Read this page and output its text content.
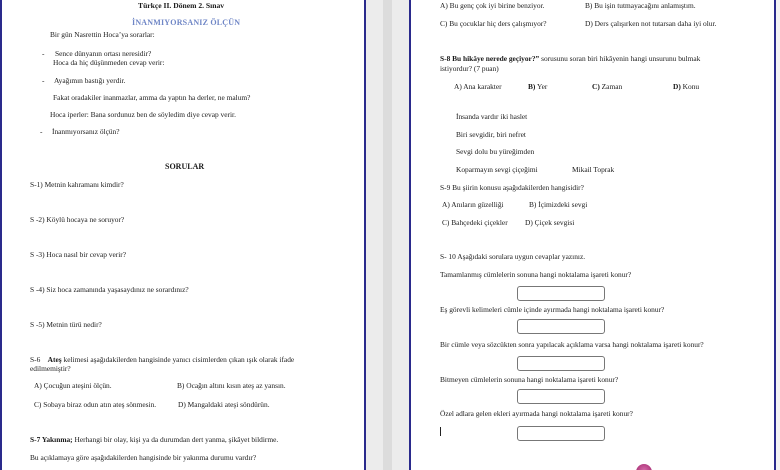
Türkçe II. Dönem 2. Sınav
İNANMIYORSANIZ ÖLÇÜN
Bir gün Nasrettin Hoca’ya sorarlar:
- Sence dünyanın ortası neresidir?
Hoca da hiç düşünmeden cevap verir:
- Ayağımın bastığı yerdir.
Fakat oradakiler inanmazlar, amma da yaptın ha derler, ne malum?
Hoca iperler: Bana sordunuz ben de söyledim diye cevap verir.
- İnanmıyorsanız ölçün?
SORULAR
S-1) Metnin kahramanı kimdir?
S -2) Köylü hocaya ne soruyor?
S -3) Hoca nasıl bir cevap verir?
S -4) Siz hoca zamanında yaşasaydınız ne sorardınız?
S -5) Metnin türü nedir?
S-6 Ateş kelimesi aşağıdakilerden hangisinde yanıcı cisimlerden çıkan ışık olarak ifade
edilmemiştir?
A) Çocuğun ateşini ölçün.	B) Ocağın altını kısın ateş az yansın.
C) Sobaya biraz odun atın ateş sönmesin.	D) Mangaldaki ateşi söndürün.
S-7 Yakınma; Herhangi bir olay, kişi ya da durumdan dert yanma, şikâyet bildirme.
Bu açıklamaya göre aşağıdakilerden hangisinde bir yakınma durumu vardır?
A) Bu genç çok iyi birine benziyor.	B) Bu işin tutmayacağını anlamıştım.
C) Bu çocuklar hiç ders çalışmıyor?	D) Ders çalışırken not tutarsan daha iyi olur.
S-8 Bu hikâye nerede geçiyor?” sorusunu soran biri hikâyenin hangi unsurunu bulmak
istiyordur? (7 puan)
A) Ana karakter	B) Yer	C) Zaman	D) Konu
İnsanda vardır iki haslet
Biri sevgidir, biri nefret
Sevgi dolu bu yüreğimden
Koparmayın sevgi çiçeğimi	Mikail Toprak
S-9 Bu şiirin konusu aşağıdakilerden hangisidir?
A) Anıların güzelliği	B) İçimizdeki sevgi
C) Bahçedeki çiçekler D) Çiçek sevgisi
S- 10 Aşağıdaki sorulara uygun cevaplar yazınız.
Tamamlanmış cümlelerin sonuna hangi noktalama işareti konur?
Eş görevli kelimeleri cümle içinde ayırmada hangi noktalama işareti konur?
Bir cümle veya sözcükten sonra yapılacak açıklama varsa hangi noktalama işareti konur?
Bitmeyen cümlelerin sonuna hangi noktalama işareti konur?
Özel adlara gelen ekleri ayırmada hangi noktalama işareti konur?
